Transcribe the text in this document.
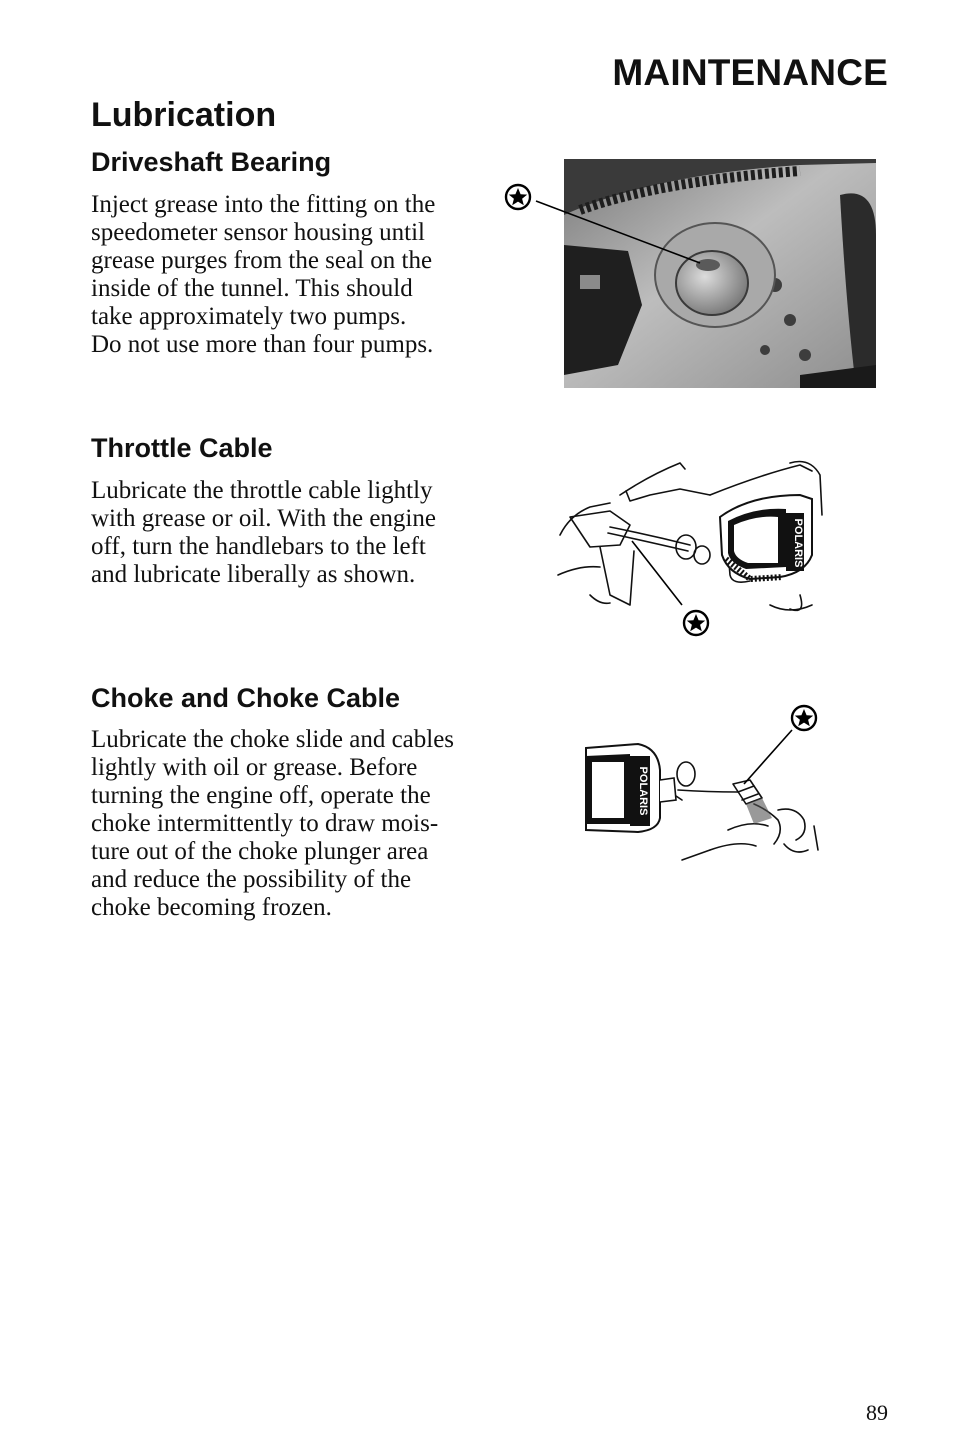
MAINTENANCE
Lubrication
Driveshaft Bearing
Inject grease into the fitting on the
speedometer sensor housing until
grease purges from the seal on the
inside of the tunnel. This should
take approximately two pumps.
Do not use more than four pumps.
Throttle Cable
Lubricate the throttle cable lightly
with grease or oil. With the engine
off, turn the handlebars to the left
and lubricate liberally as shown.
POLARIS
Choke and Choke Cable
Lubricate the choke slide and cables
lightly with oil or grease. Before
turning the engine off, operate the
choke intermittently to draw mois-
ture out of the choke plunger area
and reduce the possibility of the
choke becoming frozen.
POLARIS
89
